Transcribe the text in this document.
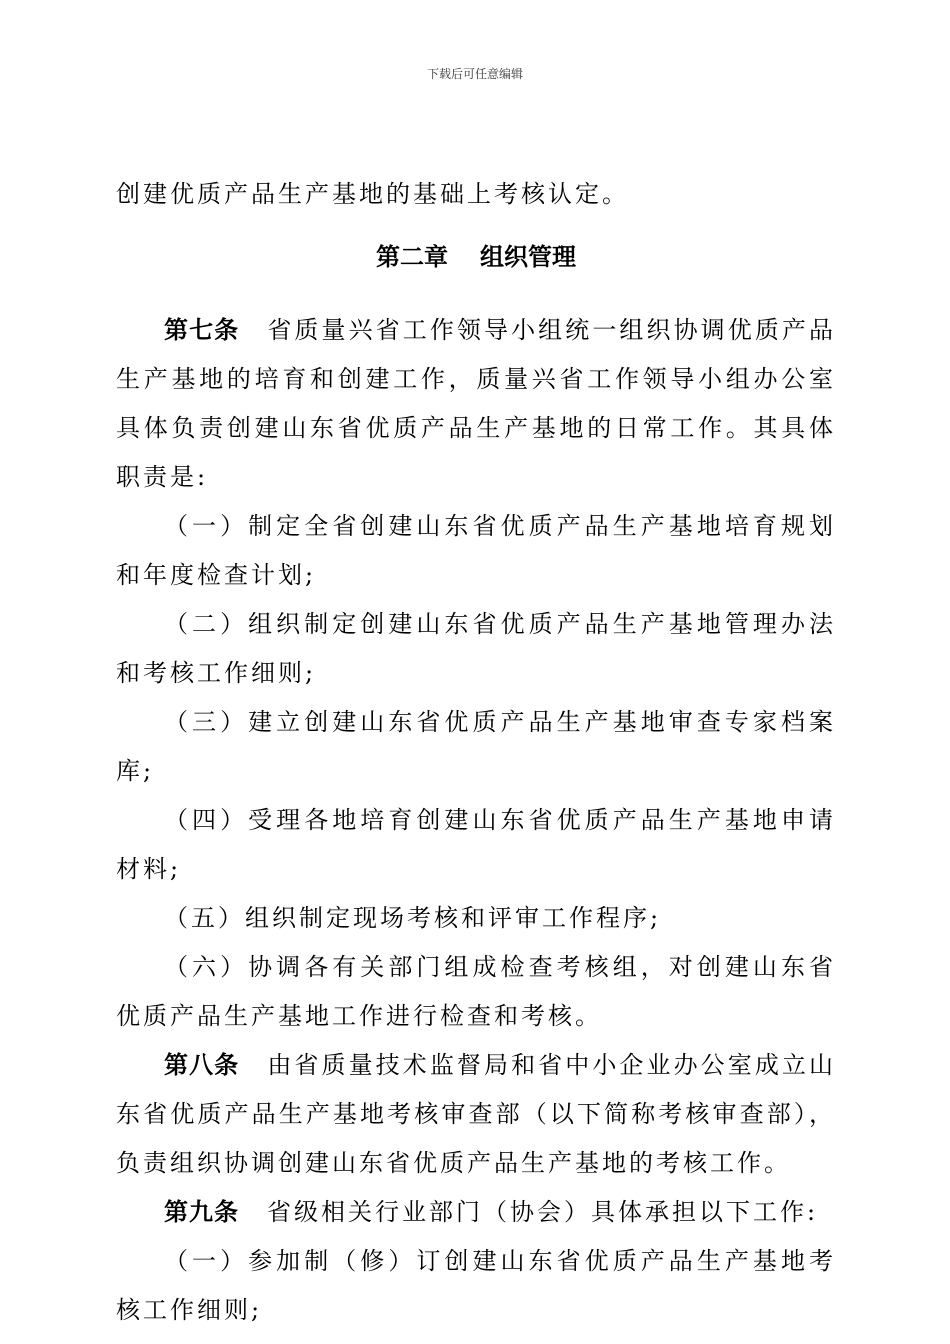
下载后可任意编辑

创建优质产品生产基地的基础上考核认定。

第二章 组织管理

第七条 省质量兴省工作领导小组统一组织协调优质产品生产基地的培育和创建工作，质量兴省工作领导小组办公室具体负责创建山东省优质产品生产基地的日常工作。其具体职责是:

（一）制定全省创建山东省优质产品生产基地培育规划和年度检查计划;

（二）组织制定创建山东省优质产品生产基地管理办法和考核工作细则;

（三）建立创建山东省优质产品生产基地审查专家档案库;

（四）受理各地培育创建山东省优质产品生产基地申请材料;

（五）组织制定现场考核和评审工作程序;

（六）协调各有关部门组成检查考核组，对创建山东省优质产品生产基地工作进行检查和考核。

第八条 由省质量技术监督局和省中小企业办公室成立山东省优质产品生产基地考核审查部（以下简称考核审查部），负责组织协调创建山东省优质产品生产基地的考核工作。

第九条 省级相关行业部门（协会）具体承担以下工作:

（一）参加制（修）订创建山东省优质产品生产基地考核工作细则;
